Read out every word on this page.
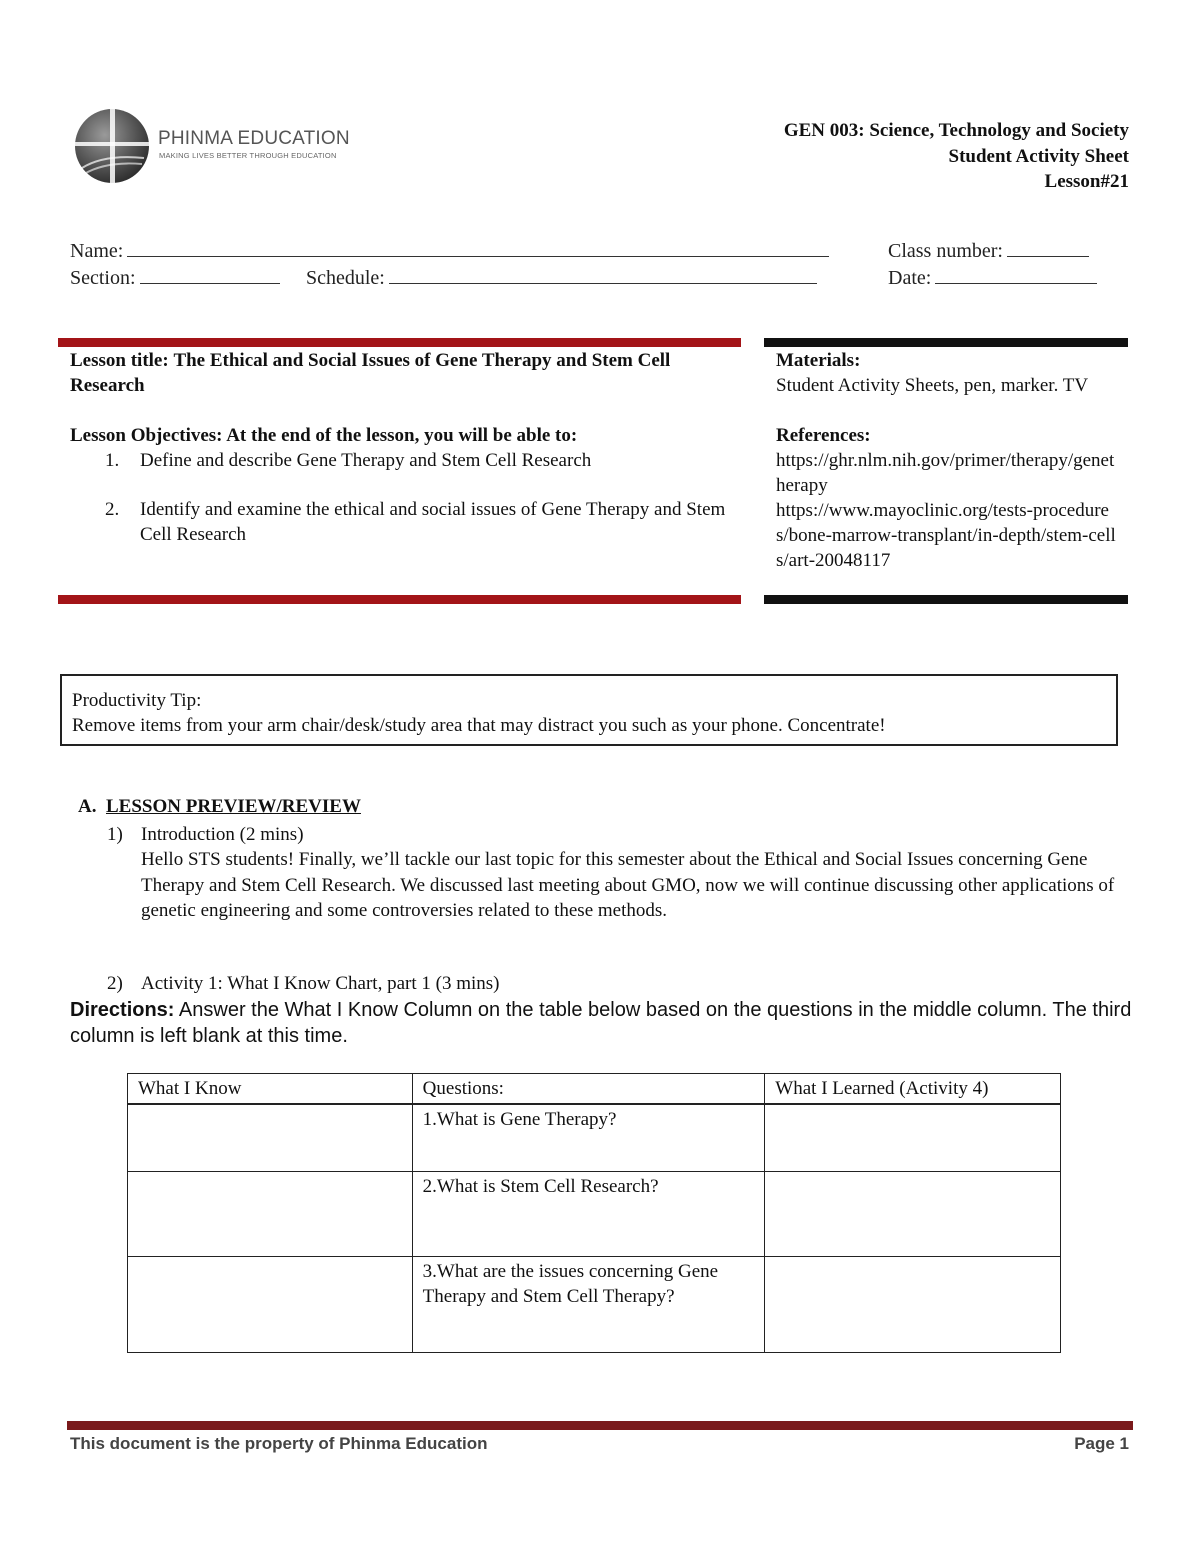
PHINMA EDUCATION
MAKING LIVES BETTER THROUGH EDUCATION
GEN 003: Science, Technology and Society
Student Activity Sheet
Lesson#21
Name:	Class number:
Section:	Schedule:	Date:
Lesson title: The Ethical and Social Issues of Gene Therapy and Stem Cell Research
Lesson Objectives: At the end of the lesson, you will be able to:
1. Define and describe Gene Therapy and Stem Cell Research
2. Identify and examine the ethical and social issues of Gene Therapy and Stem Cell Research
Materials:
Student Activity Sheets, pen, marker. TV
References:
https://ghr.nlm.nih.gov/primer/therapy/genetherapy
https://www.mayoclinic.org/tests-procedures/bone-marrow-transplant/in-depth/stem-cells/art-20048117
Productivity Tip:
Remove items from your arm chair/desk/study area that may distract you such as your phone. Concentrate!
A. LESSON PREVIEW/REVIEW
1) Introduction (2 mins)
Hello STS students! Finally, we’ll tackle our last topic for this semester about the Ethical and Social Issues concerning Gene Therapy and Stem Cell Research. We discussed last meeting about GMO, now we will continue discussing other applications of genetic engineering and some controversies related to these methods.
2) Activity 1: What I Know Chart, part 1 (3 mins)
Directions: Answer the What I Know Column on the table below based on the questions in the middle column. The third column is left blank at this time.
What I Know	Questions:	What I Learned (Activity 4)
	1.What is Gene Therapy?	
	2.What is Stem Cell Research?	
	3.What are the issues concerning Gene Therapy and Stem Cell Therapy?	
This document is the property of Phinma Education	Page 1
